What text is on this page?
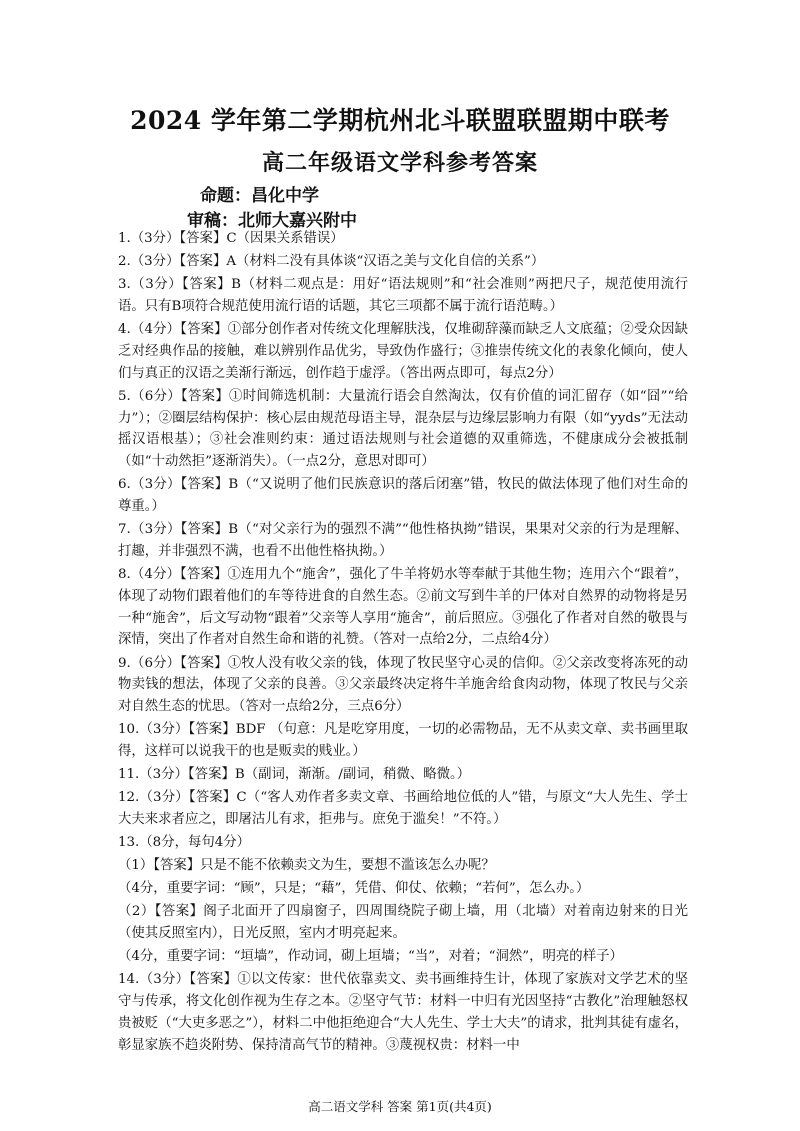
2024 学年第二学期杭州北斗联盟联盟期中联考
高二年级语文学科参考答案
命题：昌化中学
审稿：北师大嘉兴附中

1.（3分）【答案】C（因果关系错误）

2.（3分）【答案】A（材料二没有具体谈“汉语之美与文化自信的关系”）

3.（3分）【答案】B（材料二观点是：用好“语法规则”和“社会准则”两把尺子，规范使用流行语。只有B项符合规范使用流行语的话题，其它三项都不属于流行语范畴。）

4.（4分）【答案】①部分创作者对传统文化理解肤浅，仅堆砌辞藻而缺乏人文底蕴；②受众因缺乏对经典作品的接触，难以辨别作品优劣，导致伪作盛行；③推崇传统文化的表象化倾向，使人们与真正的汉语之美渐行渐远，创作趋于虚浮。（答出两点即可，每点2分）

5.（6分）【答案】①时间筛选机制：大量流行语会自然淘汰，仅有价值的词汇留存（如“囧”“给力”）；②圈层结构保护：核心层由规范母语主导，混杂层与边缘层影响力有限（如“yyds”无法动摇汉语根基）；③社会准则约束：通过语法规则与社会道德的双重筛选，不健康成分会被抵制（如“十动然拒”逐渐消失）。（一点2分，意思对即可）

6.（3分）【答案】B（“又说明了他们民族意识的落后闭塞”错，牧民的做法体现了他们对生命的尊重。）

7.（3分）【答案】B（“对父亲行为的强烈不满”“他性格执拗”错误，果果对父亲的行为是理解、打趣，并非强烈不满，也看不出他性格执拗。）

8.（4分）【答案】①连用九个“施舍”，强化了牛羊将奶水等奉献于其他生物；连用六个“跟着”，体现了动物们跟着他们的车等待进食的自然生态。②前文写到牛羊的尸体对自然界的动物将是另一种“施舍”，后文写动物“跟着”父亲等人享用“施舍”，前后照应。③强化了作者对自然的敬畏与深情，突出了作者对自然生命和谐的礼赞。（答对一点给2分，二点给4分）

9.（6分）【答案】①牧人没有收父亲的钱，体现了牧民坚守心灵的信仰。②父亲改变将冻死的动物卖钱的想法，体现了父亲的良善。③父亲最终决定将牛羊施舍给食肉动物，体现了牧民与父亲对自然生态的忧思。（答对一点给2分，三点6分）

10.（3分）【答案】BDF （句意：凡是吃穿用度，一切的必需物品，无不从卖文章、卖书画里取得，这样可以说我干的也是贩卖的贱业。）

11.（3分）【答案】B（副词，渐渐。/副词，稍微、略微。）

12.（3分）【答案】C（“客人劝作者多卖文章、书画给地位低的人”错，与原文“大人先生、学士大夫来求者应之，即屠沽儿有求，拒弗与。庶免于滥矣！”不符。）

13.（8分，每句4分）

（1）【答案】只是不能不依赖卖文为生，要想不滥该怎么办呢？

（4分，重要字词：“顾”，只是；“藉”，凭借、仰仗、依赖；“若何”，怎么办。）

（2）【答案】阁子北面开了四扇窗子，四周围绕院子砌上墙，用（北墙）对着南边射来的日光（使其反照室内），日光反照，室内才明亮起来。

（4分，重要字词：“垣墙”，作动词，砌上垣墙；“当”，对着；“洞然”，明亮的样子）

14.（3分）【答案】①以文传家：世代依靠卖文、卖书画维持生计，体现了家族对文学艺术的坚守与传承，将文化创作视为生存之本。②坚守气节：材料一中归有光因坚持“古教化”治理触怒权贵被贬（“大吏多恶之”），材料二中他拒绝迎合“大人先生、学士大夫”的请求，批判其徒有虚名，彰显家族不趋炎附势、保持清高气节的精神。③蔑视权贵：材料一中

高二语文学科 答案 第1页(共4页)
